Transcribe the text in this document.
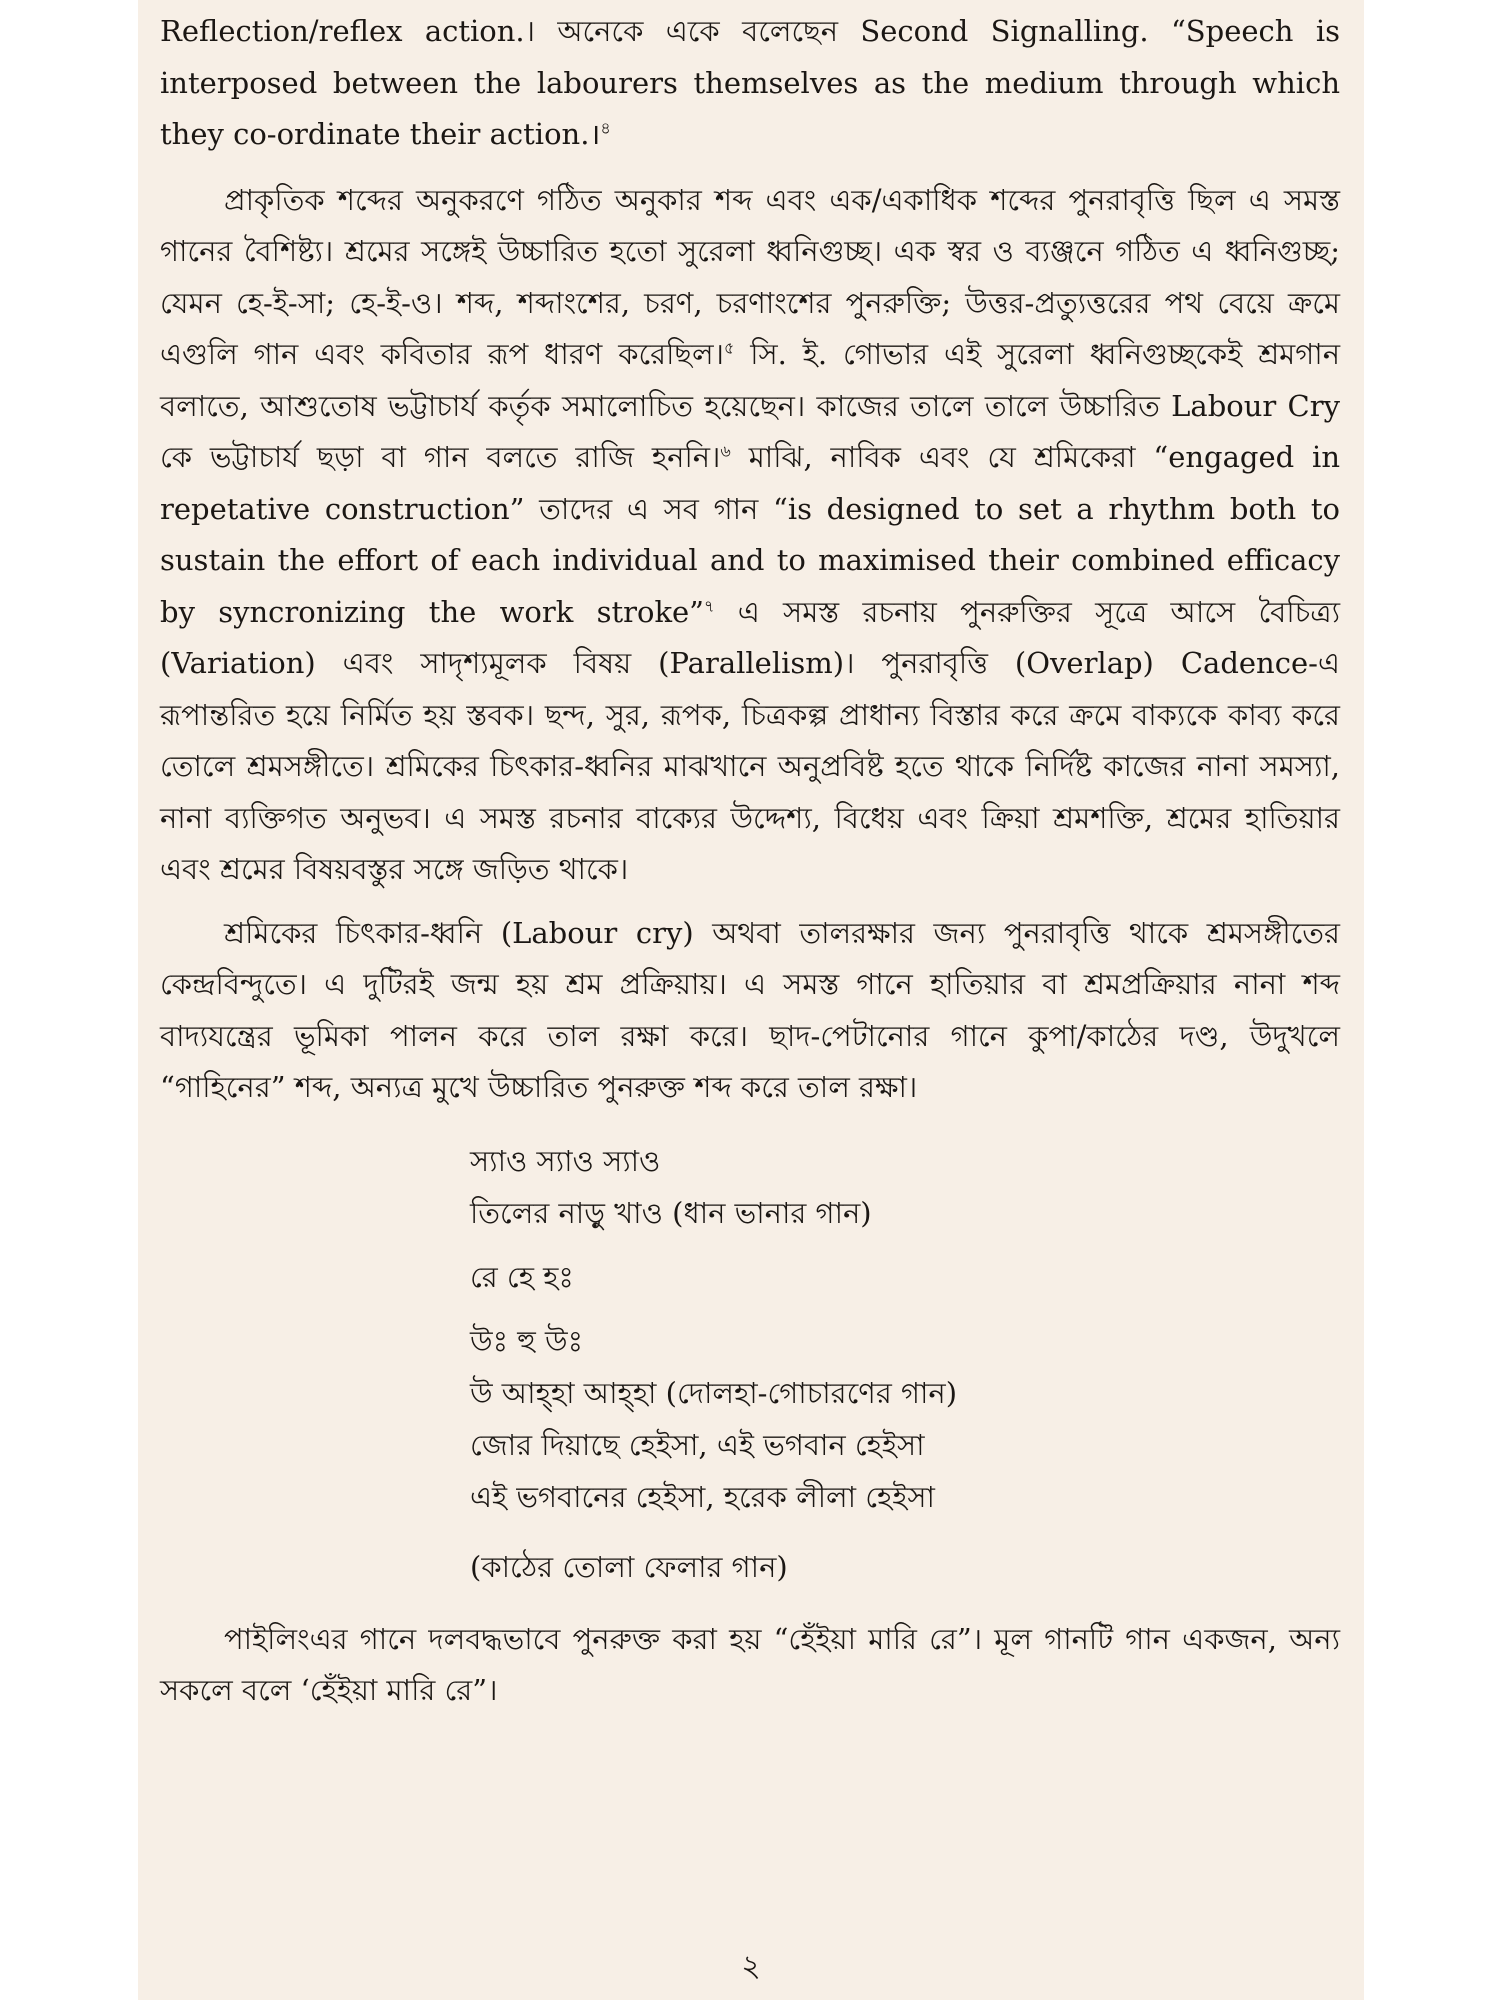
Reflection/reflex action.। অনেকে একে বলেছেন Second Signalling. “Speech is interposed between the labourers themselves as the medium through which they co-ordinate their action.।$^৪$

প্রাকৃতিক শব্দের অনুকরণে গঠিত অনুকার শব্দ এবং এক/একাধিক শব্দের পুনরাবৃত্তি ছিল এ সমস্ত গানের বৈশিষ্ট্য। শ্রমের সঙ্গেই উচ্চারিত হতো সুরেলা ধ্বনিগুচ্ছ। এক স্বর ও ব্যঞ্জনে গঠিত এ ধ্বনিগুচ্ছ; যেমন হে-ই-সা; হে-ই-ও। শব্দ, শব্দাংশের, চরণ, চরণাংশের পুনরুক্তি; উত্তর-প্রত্যুত্তরের পথ বেয়ে ক্রমে এগুলি গান এবং কবিতার রূপ ধারণ করেছিল।$^৫$ সি. ই. গোভার এই সুরেলা ধ্বনিগুচ্ছকেই শ্রমগান বলাতে, আশুতোষ ভট্টাচার্য কর্তৃক সমালোচিত হয়েছেন। কাজের তালে তালে উচ্চারিত Labour Cry কে ভট্টাচার্য ছড়া বা গান বলতে রাজি হননি।$^৬$ মাঝি, নাবিক এবং যে শ্রমিকেরা “engaged in repetative construction” তাদের এ সব গান “is designed to set a rhythm both to sustain the effort of each individual and to maximised their combined efficacy by syncronizing the work stroke”$^৭$ এ সমস্ত রচনায় পুনরুক্তির সূত্রে আসে বৈচিত্র্য (Variation) এবং সাদৃশ্যমূলক বিষয় (Parallelism)। পুনরাবৃত্তি (Overlap) Cadence-এ রূপান্তরিত হয়ে নির্মিত হয় স্তবক। ছন্দ, সুর, রূপক, চিত্রকল্প প্রাধান্য বিস্তার করে ক্রমে বাক্যকে কাব্য করে তোলে শ্রমসঙ্গীতে। শ্রমিকের চিৎকার-ধ্বনির মাঝখানে অনুপ্রবিষ্ট হতে থাকে নির্দিষ্ট কাজের নানা সমস্যা, নানা ব্যক্তিগত অনুভব। এ সমস্ত রচনার বাক্যের উদ্দেশ্য, বিধেয় এবং ক্রিয়া শ্রমশক্তি, শ্রমের হাতিয়ার এবং শ্রমের বিষয়বস্তুর সঙ্গে জড়িত থাকে।

শ্রমিকের চিৎকার-ধ্বনি (Labour cry) অথবা তালরক্ষার জন্য পুনরাবৃত্তি থাকে শ্রমসঙ্গীতের কেন্দ্রবিন্দুতে। এ দুটিরই জন্ম হয় শ্রম প্রক্রিয়ায়। এ সমস্ত গানে হাতিয়ার বা শ্রমপ্রক্রিয়ার নানা শব্দ বাদ্যযন্ত্রের ভূমিকা পালন করে তাল রক্ষা করে। ছাদ-পেটানোর গানে কুপা/কাঠের দণ্ড, উদুখলে “গাহিনের” শব্দ, অন্যত্র মুখে উচ্চারিত পুনরুক্ত শব্দ করে তাল রক্ষা।

স্যাও স্যাও স্যাও
তিলের নাড়ু খাও (ধান ভানার গান)
রে হে হঃ
উঃ হু উঃ
উ আহ্হা আহ্হা (দোলহা-গোচারণের গান)
জোর দিয়াছে হেইসা, এই ভগবান হেইসা
এই ভগবানের হেইসা, হরেক লীলা হেইসা
(কাঠের তোলা ফেলার গান)

পাইলিংএর গানে দলবদ্ধভাবে পুনরুক্ত করা হয় “হেঁইয়া মারি রে”। মূল গানটি গান একজন, অন্য সকলে বলে ‘হেঁইয়া মারি রে”।

২
